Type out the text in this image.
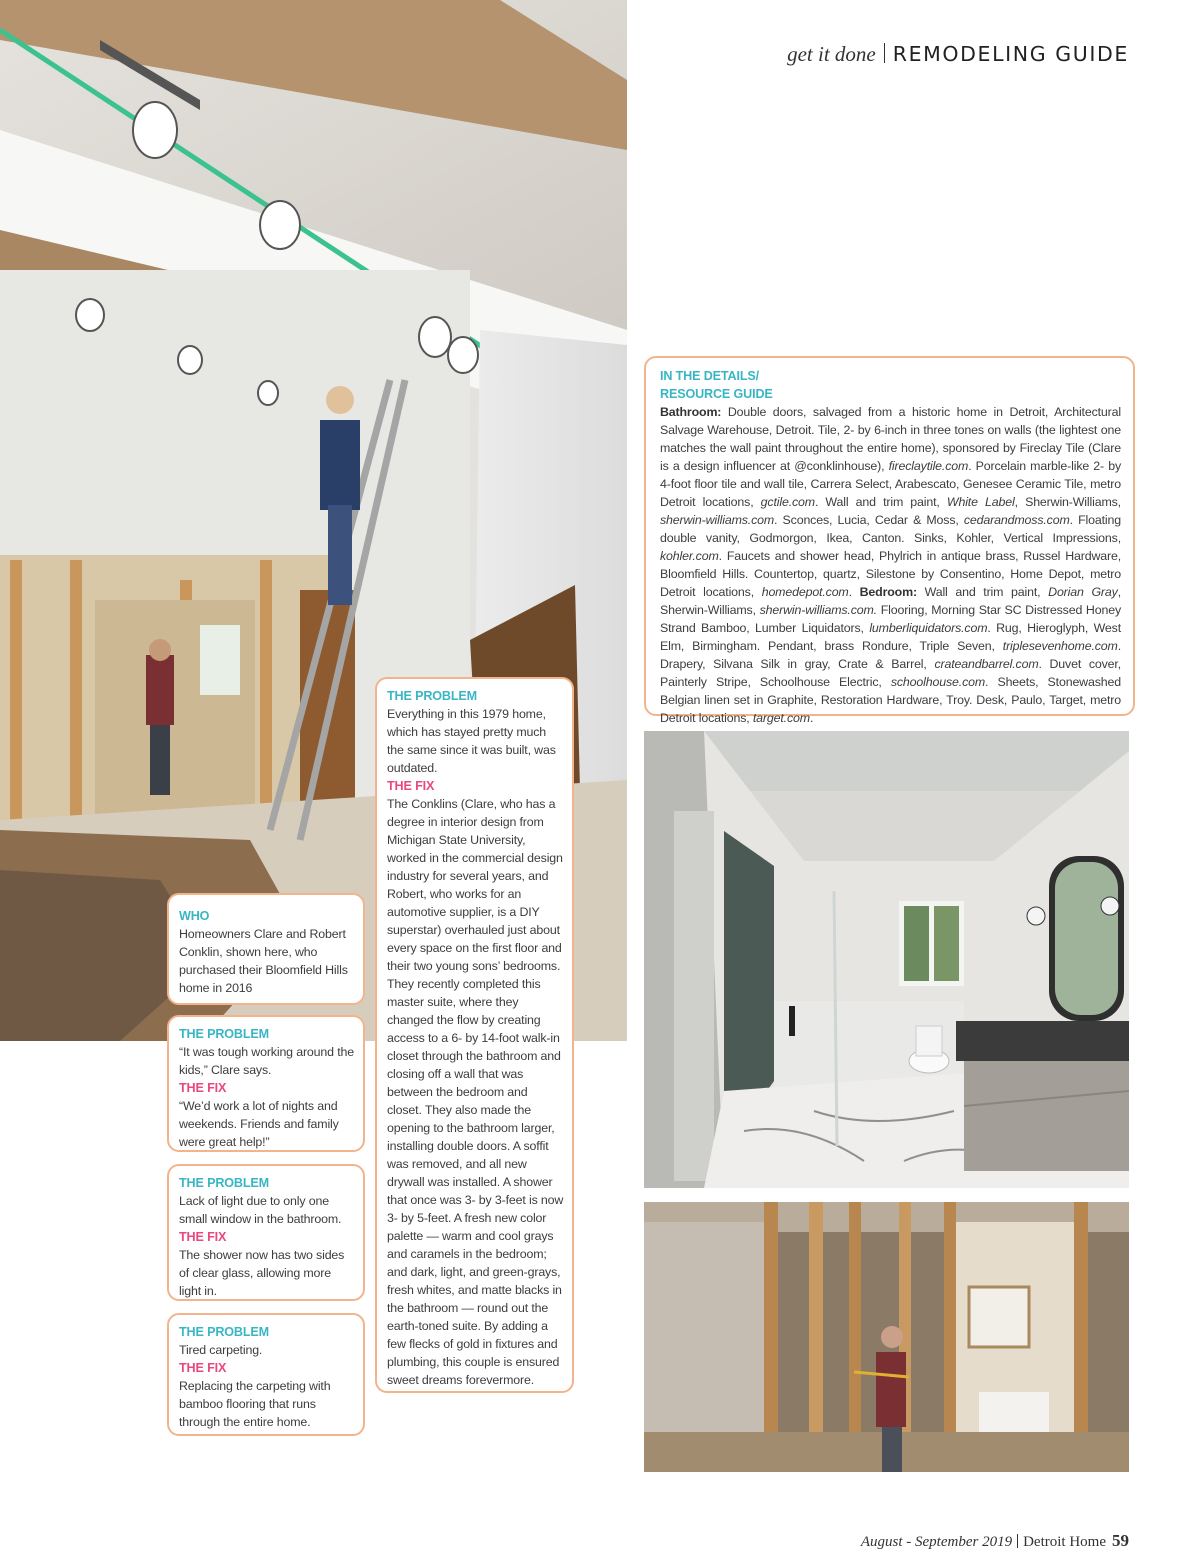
get it done REMODELING GUIDE
IN THE DETAILS/
RESOURCE GUIDE
Bathroom: Double doors, salvaged from a historic home in Detroit, Architectural Salvage Warehouse, Detroit. Tile, 2- by 6-inch in three tones on walls (the lightest one matches the wall paint throughout the entire home), sponsored by Fireclay Tile (Clare is a design influencer at @conklinhouse), fireclaytile.com. Porcelain marble-like 2- by 4-foot floor tile and wall tile, Carrera Select, Arabescato, Genesee Ceramic Tile, metro Detroit locations, gctile.com. Wall and trim paint, White Label, Sherwin-Williams, sherwin-williams.com. Sconces, Lucia, Cedar & Moss, cedarandmoss.com. Floating double vanity, Godmorgon, Ikea, Canton. Sinks, Kohler, Vertical Impressions, kohler.com. Faucets and shower head, Phylrich in antique brass, Russel Hardware, Bloomfield Hills. Countertop, quartz, Silestone by Consentino, Home Depot, metro Detroit locations, homedepot.com. Bedroom: Wall and trim paint, Dorian Gray, Sherwin-Williams, sherwin-williams.com. Flooring, Morning Star SC Distressed Honey Strand Bamboo, Lumber Liquidators, lumberliquidators.com. Rug, Hieroglyph, West Elm, Birmingham. Pendant, brass Rondure, Triple Seven, triplesevenhome.com. Drapery, Silvana Silk in gray, Crate & Barrel, crateandbarrel.com. Duvet cover, Painterly Stripe, Schoolhouse Electric, schoolhouse.com. Sheets, Stonewashed Belgian linen set in Graphite, Restoration Hardware, Troy. Desk, Paulo, Target, metro Detroit locations, target.com.
THE PROBLEM
Everything in this 1979 home, which has stayed pretty much the same since it was built, was outdated.
THE FIX
The Conklins (Clare, who has a degree in interior design from Michigan State University, worked in the commercial design industry for several years, and Robert, who works for an automotive supplier, is a DIY superstar) overhauled just about every space on the first floor and their two young sons’ bedrooms. They recently completed this master suite, where they changed the flow by creating access to a 6- by 14-foot walk-in closet through the bathroom and closing off a wall that was between the bedroom and closet. They also made the opening to the bathroom larger, installing double doors. A soffit was removed, and all new drywall was installed. A shower that once was 3- by 3-feet is now 3- by 5-feet. A fresh new color palette — warm and cool grays and caramels in the bedroom; and dark, light, and green-grays, fresh whites, and matte blacks in the bathroom — round out the earth-toned suite. By adding a few flecks of gold in fixtures and plumbing, this couple is ensured sweet dreams forevermore.
WHO
Homeowners Clare and Robert Conklin, shown here, who purchased their Bloomfield Hills home in 2016
THE PROBLEM
“It was tough working around the kids,” Clare says.
THE FIX
“We’d work a lot of nights and weekends. Friends and family were great help!”
THE PROBLEM
Lack of light due to only one small window in the bathroom.
THE FIX
The shower now has two sides of clear glass, allowing more light in.
THE PROBLEM
Tired carpeting.
THE FIX
Replacing the carpeting with bamboo flooring that runs through the entire home.
August - September 2019 Detroit Home 59
